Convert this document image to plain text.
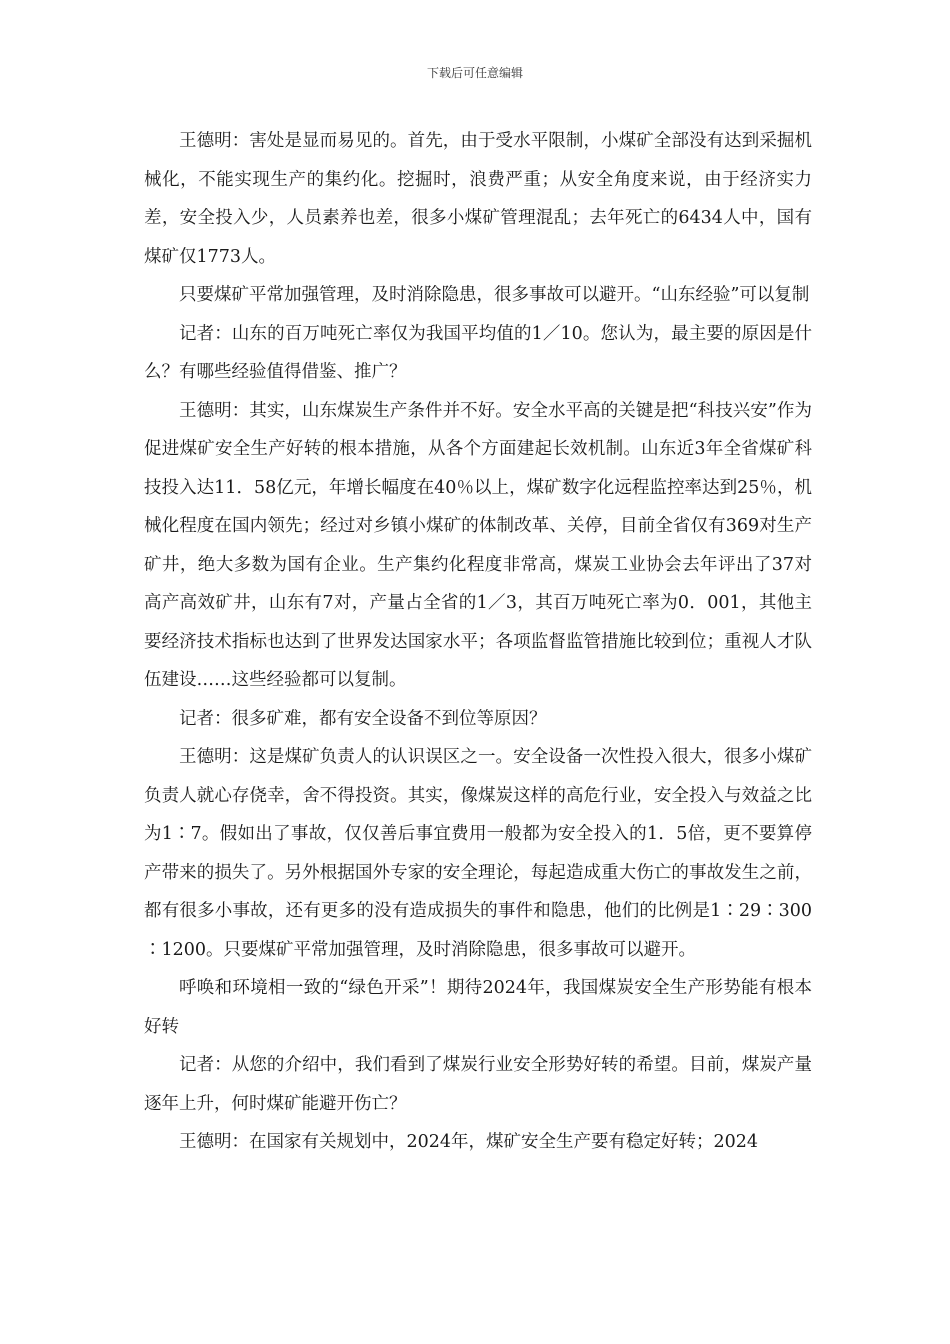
下载后可任意编辑

王德明：害处是显而易见的。首先，由于受水平限制，小煤矿全部没有达到采掘机械化，不能实现生产的集约化。挖掘时，浪费严重；从安全角度来说，由于经济实力差，安全投入少，人员素养也差，很多小煤矿管理混乱；去年死亡的6434人中，国有煤矿仅1773人。

只要煤矿平常加强管理，及时消除隐患，很多事故可以避开。“山东经验”可以复制

记者：山东的百万吨死亡率仅为我国平均值的1／10。您认为，最主要的原因是什么？有哪些经验值得借鉴、推广？

王德明：其实，山东煤炭生产条件并不好。安全水平高的关键是把“科技兴安”作为促进煤矿安全生产好转的根本措施，从各个方面建起长效机制。山东近3年全省煤矿科技投入达11．58亿元，年增长幅度在40％以上，煤矿数字化远程监控率达到25％，机械化程度在国内领先；经过对乡镇小煤矿的体制改革、关停，目前全省仅有369对生产矿井，绝大多数为国有企业。生产集约化程度非常高，煤炭工业协会去年评出了37对高产高效矿井，山东有7对，产量占全省的1／3，其百万吨死亡率为0．001，其他主要经济技术指标也达到了世界发达国家水平；各项监督监管措施比较到位；重视人才队伍建设……这些经验都可以复制。

记者：很多矿难，都有安全设备不到位等原因？

王德明：这是煤矿负责人的认识误区之一。安全设备一次性投入很大，很多小煤矿负责人就心存侥幸，舍不得投资。其实，像煤炭这样的高危行业，安全投入与效益之比为1∶7。假如出了事故，仅仅善后事宜费用一般都为安全投入的1．5倍，更不要算停产带来的损失了。另外根据国外专家的安全理论，每起造成重大伤亡的事故发生之前，都有很多小事故，还有更多的没有造成损失的事件和隐患，他们的比例是1∶29∶300∶1200。只要煤矿平常加强管理，及时消除隐患，很多事故可以避开。

呼唤和环境相一致的“绿色开采”！期待2024年，我国煤炭安全生产形势能有根本好转

记者：从您的介绍中，我们看到了煤炭行业安全形势好转的希望。目前，煤炭产量逐年上升，何时煤矿能避开伤亡？

王德明：在国家有关规划中，2024年，煤矿安全生产要有稳定好转；2024
